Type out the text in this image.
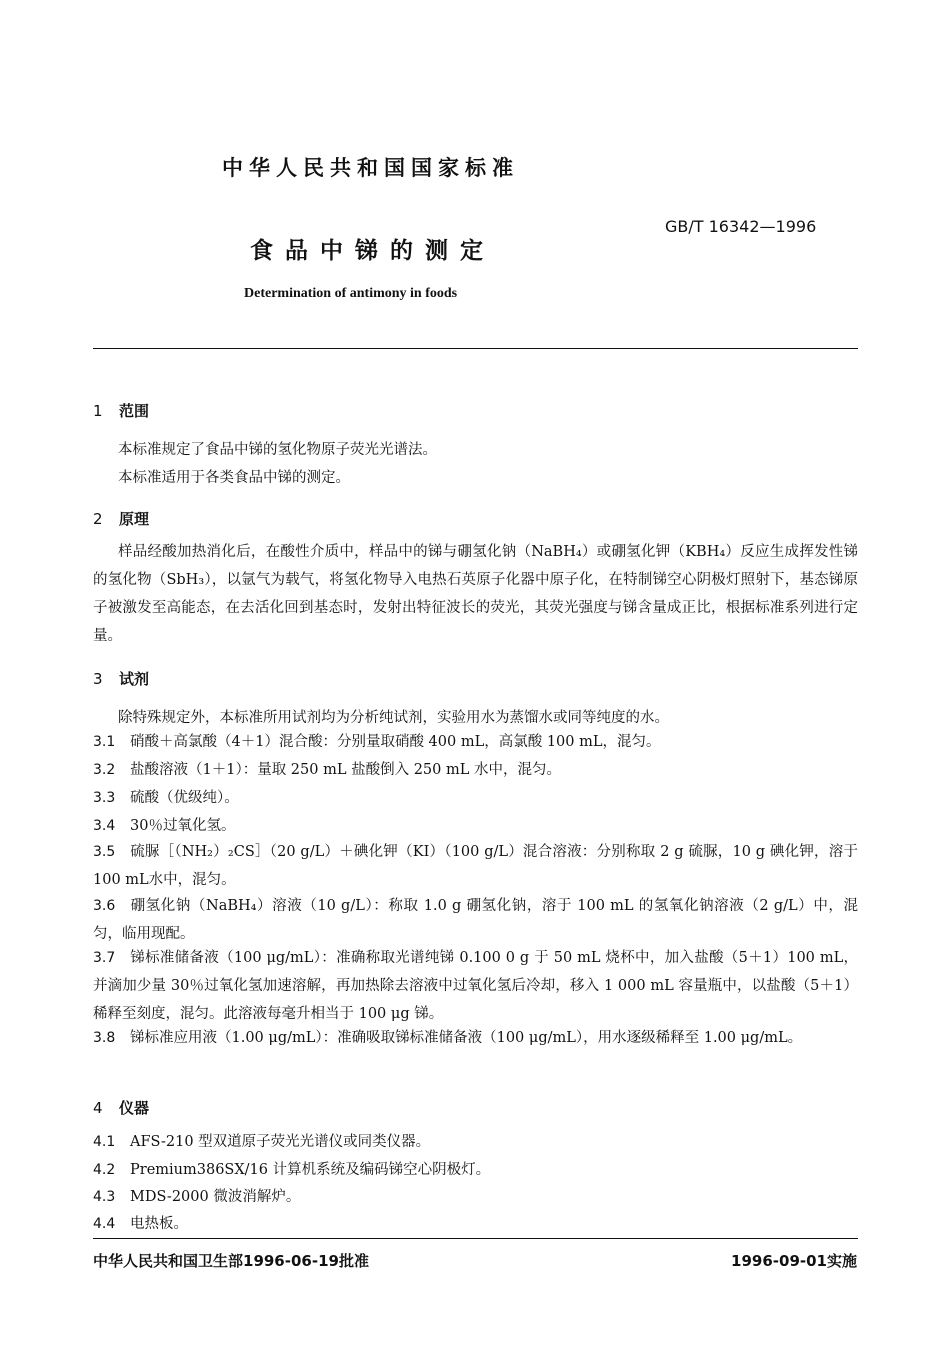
中华人民共和国国家标准
GB/T 16342—1996
食品中锑的测定
Determination of antimony in foods
1 范围
本标准规定了食品中锑的氢化物原子荧光光谱法。
本标准适用于各类食品中锑的测定。
2 原理
样品经酸加热消化后，在酸性介质中，样品中的锑与硼氢化钠（NaBH₄）或硼氢化钾（KBH₄）反应生成挥发性锑的氢化物（SbH₃），以氩气为载气，将氢化物导入电热石英原子化器中原子化，在特制锑空心阴极灯照射下，基态锑原子被激发至高能态，在去活化回到基态时，发射出特征波长的荧光，其荧光强度与锑含量成正比，根据标准系列进行定量。
3 试剂
除特殊规定外，本标准所用试剂均为分析纯试剂，实验用水为蒸馏水或同等纯度的水。
3.1 硝酸＋高氯酸（4＋1）混合酸：分别量取硝酸 400 mL，高氯酸 100 mL，混匀。
3.2 盐酸溶液（1＋1）：量取 250 mL 盐酸倒入 250 mL 水中，混匀。
3.3 硫酸（优级纯）。
3.4 30％过氧化氢。
3.5 硫脲［（NH₂）₂CS］（20 g/L）＋碘化钾（KI）（100 g/L）混合溶液：分别称取 2 g 硫脲，10 g 碘化钾，溶于100 mL水中，混匀。
3.6 硼氢化钠（NaBH₄）溶液（10 g/L）：称取 1.0 g 硼氢化钠，溶于 100 mL 的氢氧化钠溶液（2 g/L）中，混匀，临用现配。
3.7 锑标准储备液（100 μg/mL）：准确称取光谱纯锑 0.100 0 g 于 50 mL 烧杯中，加入盐酸（5＋1）100 mL，并滴加少量 30％过氧化氢加速溶解，再加热除去溶液中过氧化氢后冷却，移入 1 000 mL 容量瓶中，以盐酸（5＋1）稀释至刻度，混匀。此溶液每毫升相当于 100 μg 锑。
3.8 锑标准应用液（1.00 μg/mL）：准确吸取锑标准储备液（100 μg/mL），用水逐级稀释至 1.00 μg/mL。
4 仪器
4.1 AFS-210 型双道原子荧光光谱仪或同类仪器。
4.2 Premium386SX/16 计算机系统及编码锑空心阴极灯。
4.3 MDS-2000 微波消解炉。
4.4 电热板。
中华人民共和国卫生部1996-06-19批准	1996-09-01实施
